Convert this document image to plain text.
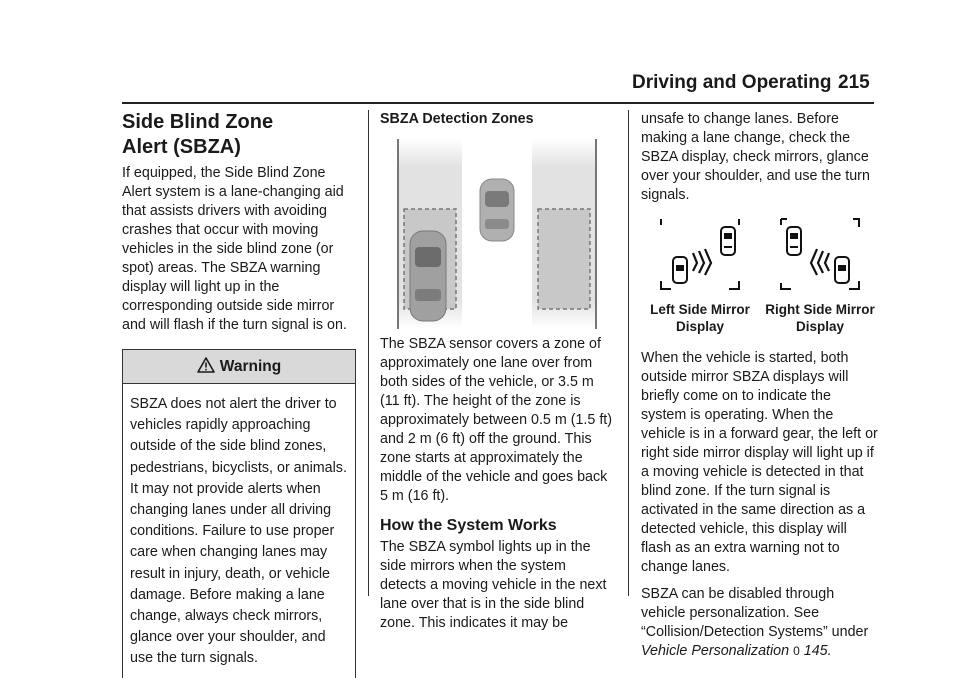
Driving and Operating 215
Side Blind Zone
Alert (SBZA)

If equipped, the Side Blind Zone Alert system is a lane-changing aid that assists drivers with avoiding crashes that occur with moving vehicles in the side blind zone (or spot) areas. The SBZA warning display will light up in the corresponding outside side mirror and will flash if the turn signal is on.

Warning
SBZA does not alert the driver to vehicles rapidly approaching outside of the side blind zones, pedestrians, bicyclists, or animals. It may not provide alerts when changing lanes under all driving conditions. Failure to use proper care when changing lanes may result in injury, death, or vehicle damage. Before making a lane change, always check mirrors, glance over your shoulder, and use the turn signals.
SBZA Detection Zones

The SBZA sensor covers a zone of approximately one lane over from both sides of the vehicle, or 3.5 m (11 ft). The height of the zone is approximately between 0.5 m (1.5 ft) and 2 m (6 ft) off the ground. This zone starts at approximately the middle of the vehicle and goes back 5 m (16 ft).

How the System Works

The SBZA symbol lights up in the side mirrors when the system detects a moving vehicle in the next lane over that is in the side blind zone. This indicates it may be

unsafe to change lanes. Before making a lane change, check the SBZA display, check mirrors, glance over your shoulder, and use the turn signals.

Left Side Mirror
Display
Right Side Mirror
Display

When the vehicle is started, both outside mirror SBZA displays will briefly come on to indicate the system is operating. When the vehicle is in a forward gear, the left or right side mirror display will light up if a moving vehicle is detected in that blind zone. If the turn signal is activated in the same direction as a detected vehicle, this display will flash as an extra warning not to change lanes.

SBZA can be disabled through vehicle personalization. See “Collision/Detection Systems” under Vehicle Personalization 0 145.
